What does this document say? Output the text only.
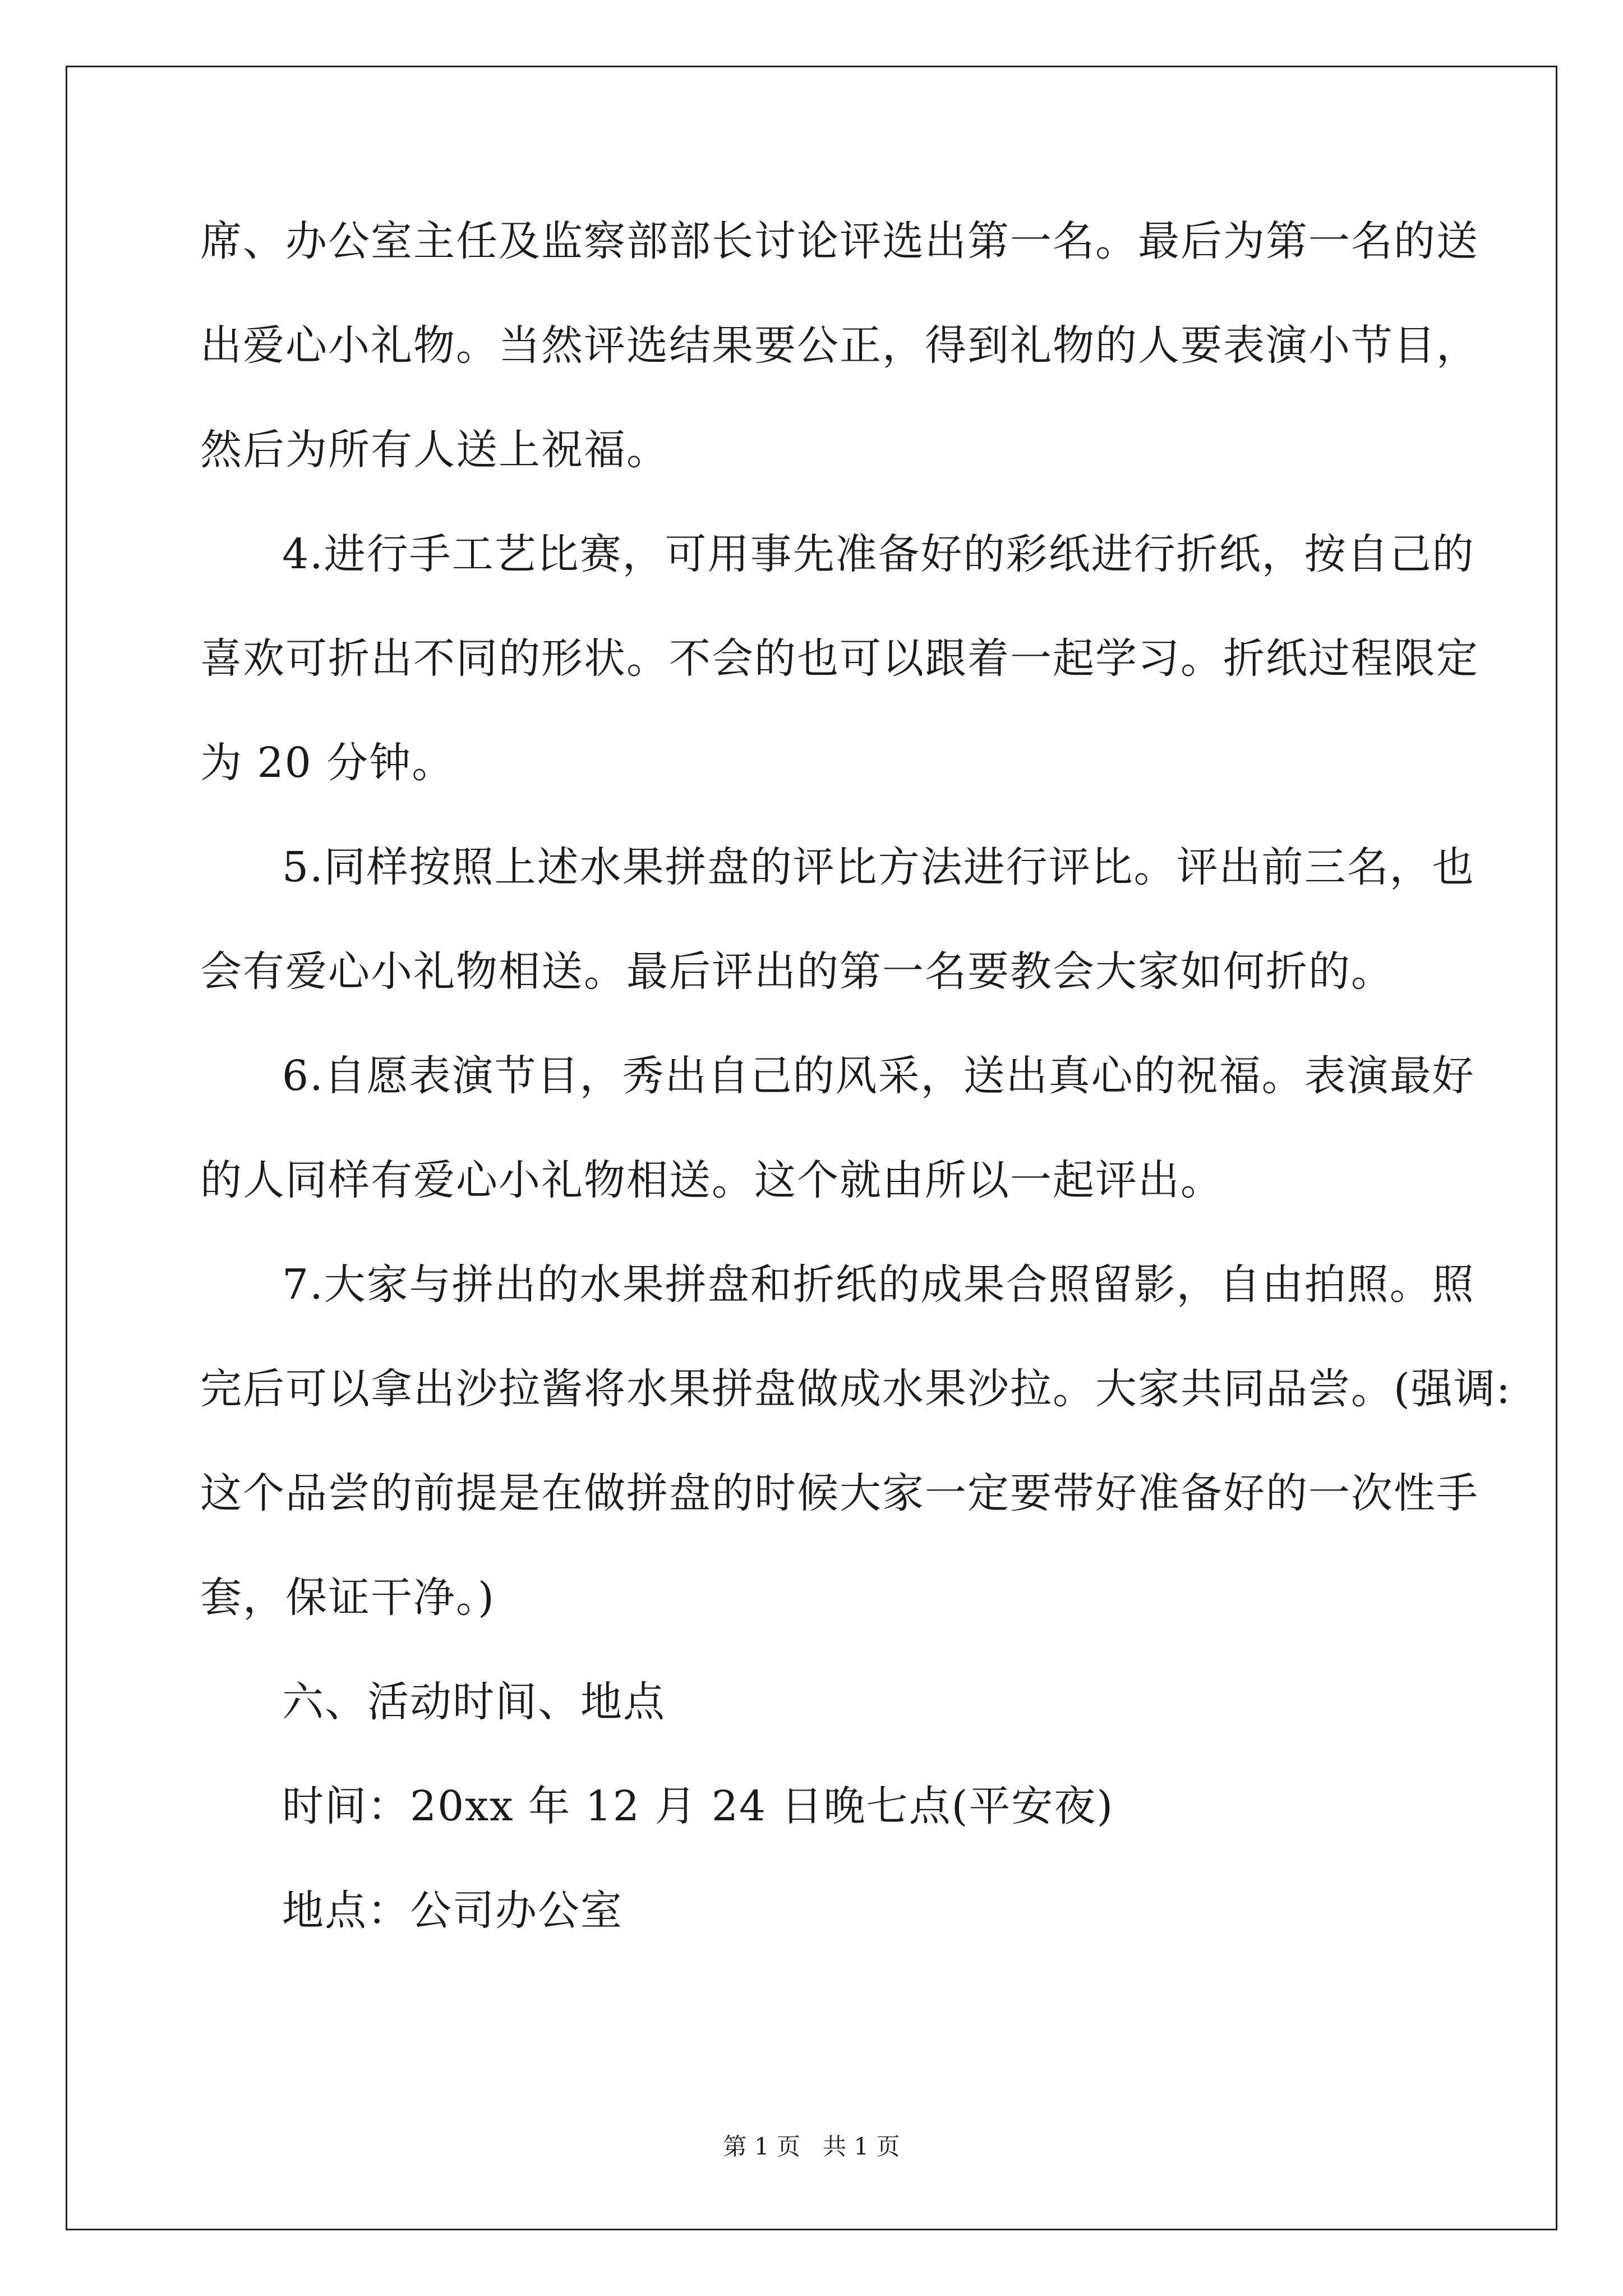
席、办公室主任及监察部部长讨论评选出第一名。最后为第一名的送
出爱心小礼物。当然评选结果要公正，得到礼物的人要表演小节目，
然后为所有人送上祝福。
4.进行手工艺比赛，可用事先准备好的彩纸进行折纸，按自己的
喜欢可折出不同的形状。不会的也可以跟着一起学习。折纸过程限定
为 20 分钟。
5.同样按照上述水果拼盘的评比方法进行评比。评出前三名，也
会有爱心小礼物相送。最后评出的第一名要教会大家如何折的。
6.自愿表演节目，秀出自己的风采，送出真心的祝福。表演最好
的人同样有爱心小礼物相送。这个就由所以一起评出。
7.大家与拼出的水果拼盘和折纸的成果合照留影，自由拍照。照
完后可以拿出沙拉酱将水果拼盘做成水果沙拉。大家共同品尝。(强调:
这个品尝的前提是在做拼盘的时候大家一定要带好准备好的一次性手
套，保证干净。)
六、活动时间、地点
时间：20xx 年 12 月 24 日晚七点(平安夜)
地点：公司办公室
第 1 页   共 1 页
